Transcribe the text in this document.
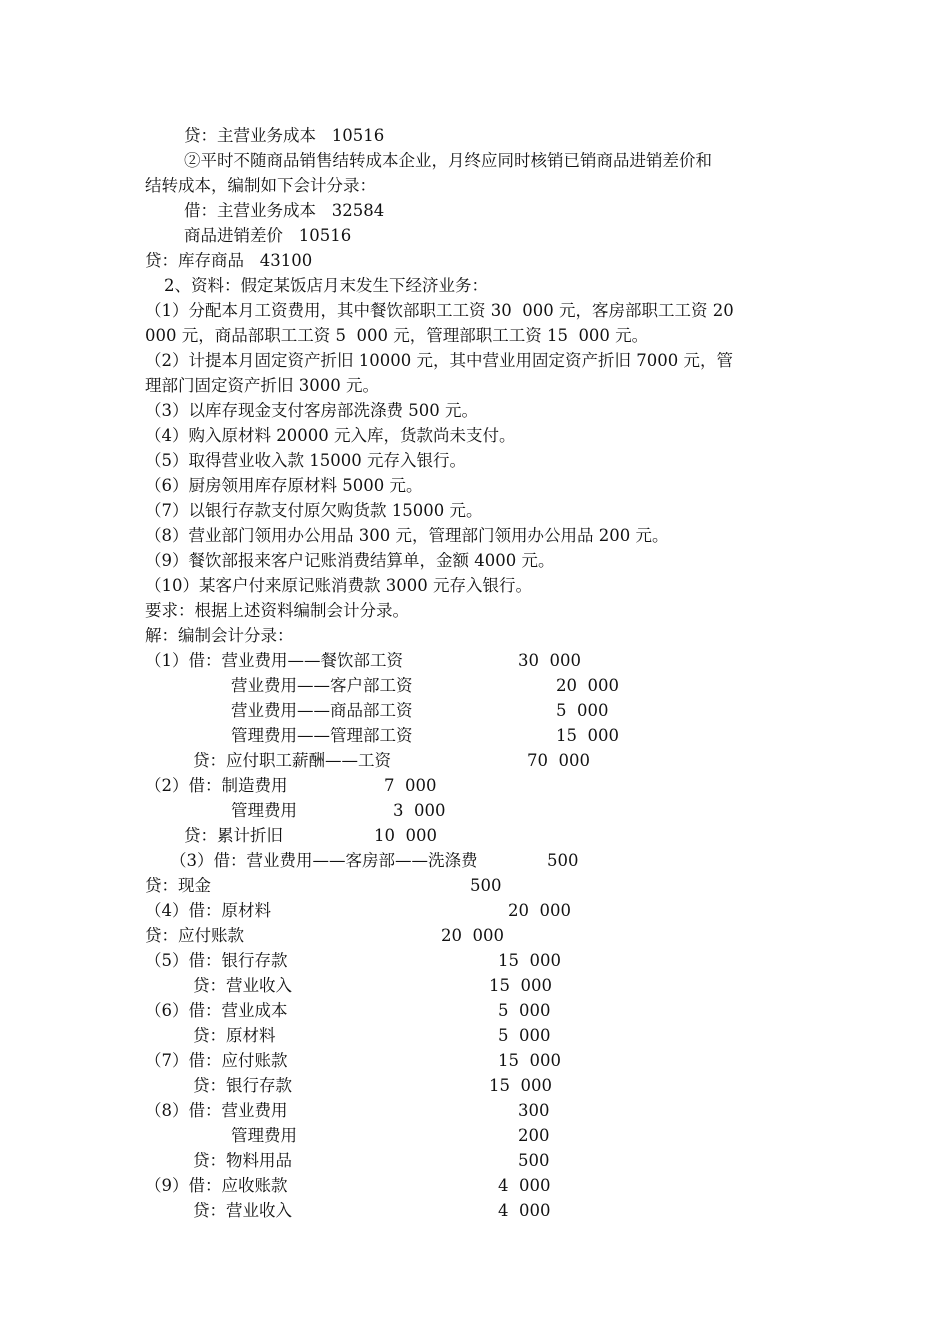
贷：主营业务成本   10516
②平时不随商品销售结转成本企业，月终应同时核销已销商品进销差价和
结转成本，编制如下会计分录：
借：主营业务成本   32584
商品进销差价   10516
贷：库存商品   43100
2、资料：假定某饭店月末发生下经济业务：
（1）分配本月工资费用，其中餐饮部职工工资 30  000 元，客房部职工工资 20
000 元，商品部职工工资 5  000 元，管理部职工工资 15  000 元。
（2）计提本月固定资产折旧 10000 元，其中营业用固定资产折旧 7000 元，管
理部门固定资产折旧 3000 元。
（3）以库存现金支付客房部洗涤费 500 元。
（4）购入原材料 20000 元入库，货款尚未支付。
（5）取得营业收入款 15000 元存入银行。
（6）厨房领用库存原材料 5000 元。
（7）以银行存款支付原欠购货款 15000 元。
（8）营业部门领用办公用品 300 元，管理部门领用办公用品 200 元。
（9）餐饮部报来客户记账消费结算单，金额 4000 元。
（10）某客户付来原记账消费款 3000 元存入银行。
要求：根据上述资料编制会计分录。
解：编制会计分录：
（1）借：营业费用——餐饮部工资	30  000
营业费用——客户部工资	20  000
营业费用——商品部工资	5  000
管理费用——管理部工资	15  000
贷：应付职工薪酬——工资	70  000
（2）借：制造费用	7  000
管理费用	3  000
贷：累计折旧	10  000
（3）借：营业费用——客房部——洗涤费	500
贷：现金	500
（4）借：原材料	20  000
贷：应付账款	20  000
（5）借：银行存款	15  000
贷：营业收入	15  000
（6）借：营业成本	5  000
贷：原材料	5  000
（7）借：应付账款	15  000
贷：银行存款	15  000
（8）借：营业费用	300
管理费用	200
贷：物料用品	500
（9）借：应收账款	4  000
贷：营业收入	4  000
